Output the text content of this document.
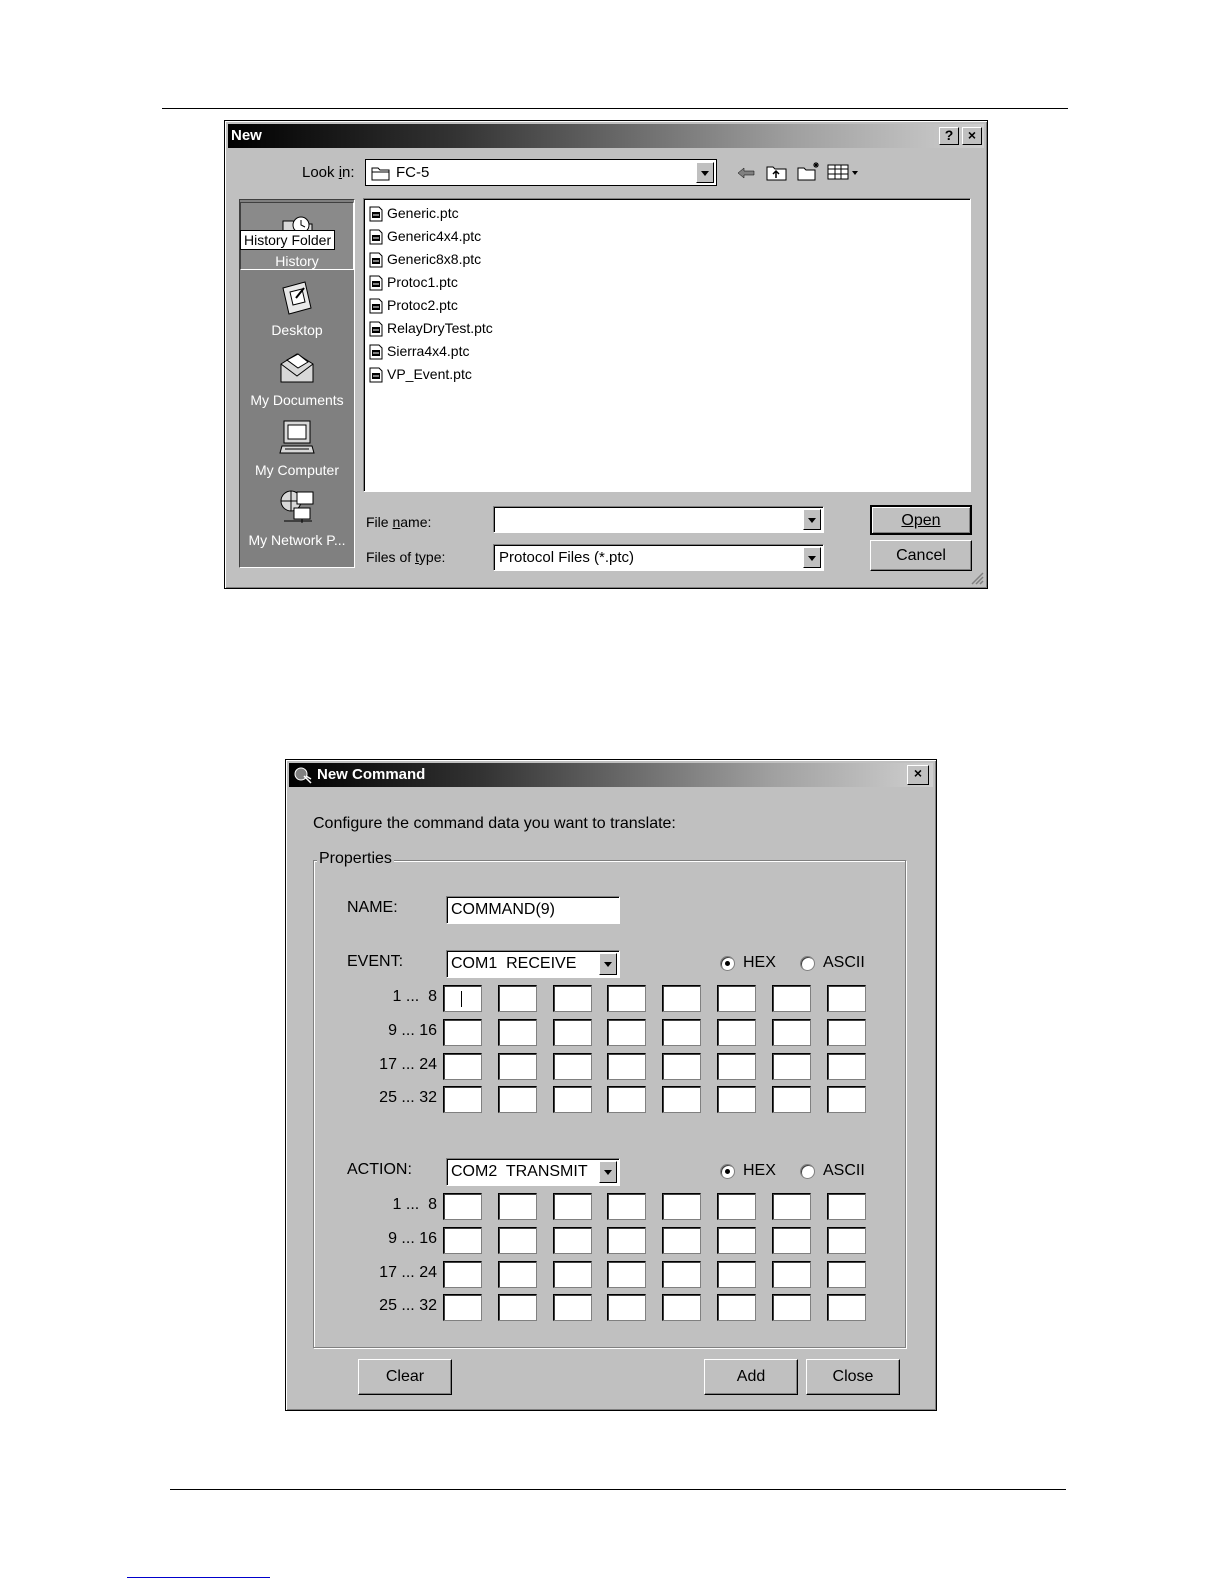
New	?	×
Look in:	FC-5
History
Desktop
My Documents
My Computer
My Network P...
History Folder
Generic.ptc
Generic4x4.ptc
Generic8x8.ptc
Protoc1.ptc
Protoc2.ptc
RelayDryTest.ptc
Sierra4x4.ptc
VP_Event.ptc
File name:
Files of type:	Protocol Files (*.ptc)
Open
Cancel
New Command	×
Configure the command data you want to translate:
Properties
NAME:	COMMAND(9)
EVENT:	COM1  RECEIVE	HEX	ASCII
1 ...  8
9 ... 16
17 ... 24
25 ... 32
ACTION: COM2  TRANSMIT	HEX	ASCII
1 ...  8
9 ... 16
17 ... 24
25 ... 32
Clear	Add	Close
